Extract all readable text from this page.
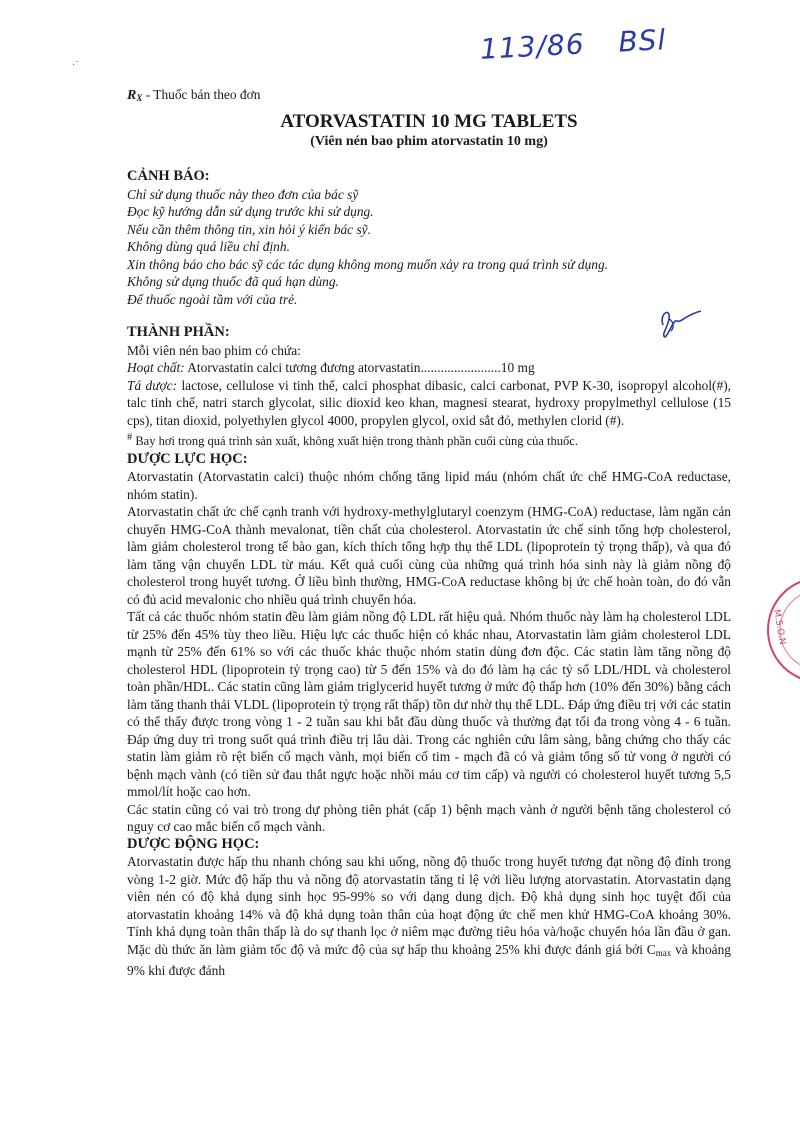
·˙	113/86 BSl
M.S.O.N
$R_X$ - Thuốc bán theo đơn
ATORVASTATIN 10 MG TABLETS
(Viên nén bao phim atorvastatin 10 mg)
CẢNH BÁO:
Chỉ sử dụng thuốc này theo đơn của bác sỹ
Đọc kỹ hướng dẫn sử dụng trước khi sử dụng.
Nếu cần thêm thông tin, xin hỏi ý kiến bác sỹ.
Không dùng quá liều chỉ định.
Xin thông báo cho bác sỹ các tác dụng không mong muốn xảy ra trong quá trình sử dụng.
Không sử dụng thuốc đã quá hạn dùng.
Để thuốc ngoài tầm với của trẻ.
THÀNH PHẦN:

Mỗi viên nén bao phim có chứa:

Hoạt chất: Atorvastatin calci tương đương atorvastatin........................10 mg

Tá dược: lactose, cellulose vi tinh thể, calci phosphat dibasic, calci carbonat, PVP K-30, isopropyl alcohol(#), talc tinh chế, natri starch glycolat, silic dioxid keo khan, magnesi stearat, hydroxy propylmethyl cellulose (15 cps), titan dioxid, polyethylen glycol 4000, propylen glycol, oxid sắt đỏ, methylen clorid (#).

# Bay hơi trong quá trình sản xuất, không xuất hiện trong thành phần cuối cùng của thuốc.

DƯỢC LỰC HỌC:

Atorvastatin (Atorvastatin calci) thuộc nhóm chống tăng lipid máu (nhóm chất ức chế HMG-CoA reductase, nhóm statin).

Atorvastatin chất ức chế cạnh tranh với hydroxy-methylglutaryl coenzym (HMG-CoA) reductase, làm ngăn cản chuyển HMG-CoA thành mevalonat, tiền chất của cholesterol. Atorvastatin ức chế sinh tổng hợp cholesterol, làm giảm cholesterol trong tế bào gan, kích thích tổng hợp thụ thể LDL (lipoprotein tỷ trọng thấp), và qua đó làm tăng vận chuyển LDL từ máu. Kết quả cuối cùng của những quá trình hóa sinh này là giảm nồng độ cholesterol trong huyết tương. Ở liều bình thường, HMG-CoA reductase không bị ức chế hoàn toàn, do đó vẫn có đủ acid mevalonic cho nhiều quá trình chuyển hóa.

Tất cả các thuốc nhóm statin đều làm giảm nồng độ LDL rất hiệu quả. Nhóm thuốc này làm hạ cholesterol LDL từ 25% đến 45% tùy theo liều. Hiệu lực các thuốc hiện có khác nhau, Atorvastatin làm giảm cholesterol LDL mạnh từ 25% đến 61% so với các thuốc khác thuộc nhóm statin dùng đơn độc. Các statin làm tăng nồng độ cholesterol HDL (lipoprotein tỷ trọng cao) từ 5 đến 15% và do đó làm hạ các tỷ số LDL/HDL và cholesterol toàn phần/HDL. Các statin cũng làm giảm triglycerid huyết tương ở mức độ thấp hơn (10% đến 30%) bằng cách làm tăng thanh thải VLDL (lipoprotein tỷ trọng rất thấp) tồn dư nhờ thụ thể LDL. Đáp ứng điều trị với các statin có thể thấy được trong vòng 1 - 2 tuần sau khi bắt đầu dùng thuốc và thường đạt tối đa trong vòng 4 - 6 tuần. Đáp ứng duy trì trong suốt quá trình điều trị lâu dài. Trong các nghiên cứu lâm sàng, bằng chứng cho thấy các statin làm giảm rõ rệt biến cố mạch vành, mọi biến cố tim - mạch đã có và giảm tổng số tử vong ở người có bệnh mạch vành (có tiền sử đau thắt ngực hoặc nhồi máu cơ tim cấp) và người có cholesterol huyết tương 5,5 mmol/lít hoặc cao hơn.

Các statin cũng có vai trò trong dự phòng tiên phát (cấp 1) bệnh mạch vành ở người bệnh tăng cholesterol có nguy cơ cao mắc biến cố mạch vành.

DƯỢC ĐỘNG HỌC:

Atorvastatin được hấp thu nhanh chóng sau khi uống, nồng độ thuốc trong huyết tương đạt nồng độ đỉnh trong vòng 1-2 giờ. Mức độ hấp thu và nồng độ atorvastatin tăng tỉ lệ với liều lượng atorvastatin. Atorvastatin dạng viên nén có độ khả dụng sinh học 95-99% so với dạng dung dịch. Độ khả dụng sinh học tuyệt đối của atorvastatin khoảng 14% và độ khả dụng toàn thân của hoạt động ức chế men khử HMG-CoA khoảng 30%. Tính khả dụng toàn thân thấp là do sự thanh lọc ở niêm mạc đường tiêu hóa và/hoặc chuyển hóa lần đầu ở gan. Mặc dù thức ăn làm giảm tốc độ và mức độ của sự hấp thu khoảng 25% khi được đánh giá bởi $C_{max}$ và khoảng 9% khi được đánh
